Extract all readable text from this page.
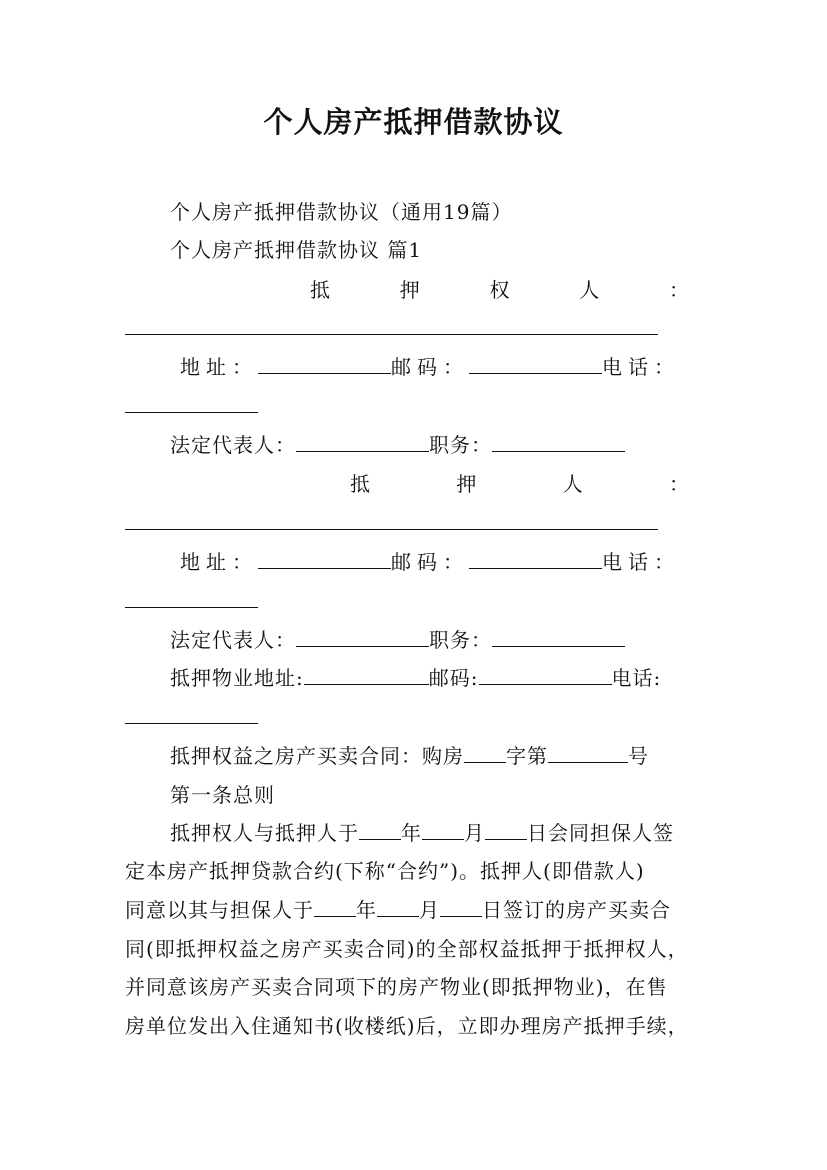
个人房产抵押借款协议
个人房产抵押借款协议（通用19篇）
个人房产抵押借款协议 篇1
抵	押	权	人	：
地址：	邮码：	电话：
法定代表人：	职务：
抵	押	人	：
地址：	邮码：	电话：
法定代表人：	职务：
抵押物业地址:	邮码:	电话:
抵押权益之房产买卖合同：购房 字第	号
第一条总则
抵押权人与抵押人于 年 月 日会同担保人签
定本房产抵押贷款合约(下称“合约”)。抵押人(即借款人)
同意以其与担保人于 年 月 日签订的房产买卖合
同(即抵押权益之房产买卖合同)的全部权益抵押于抵押权人，
并同意该房产买卖合同项下的房产物业(即抵押物业)，在售
房单位发出入住通知书(收楼纸)后，立即办理房产抵押手续，
